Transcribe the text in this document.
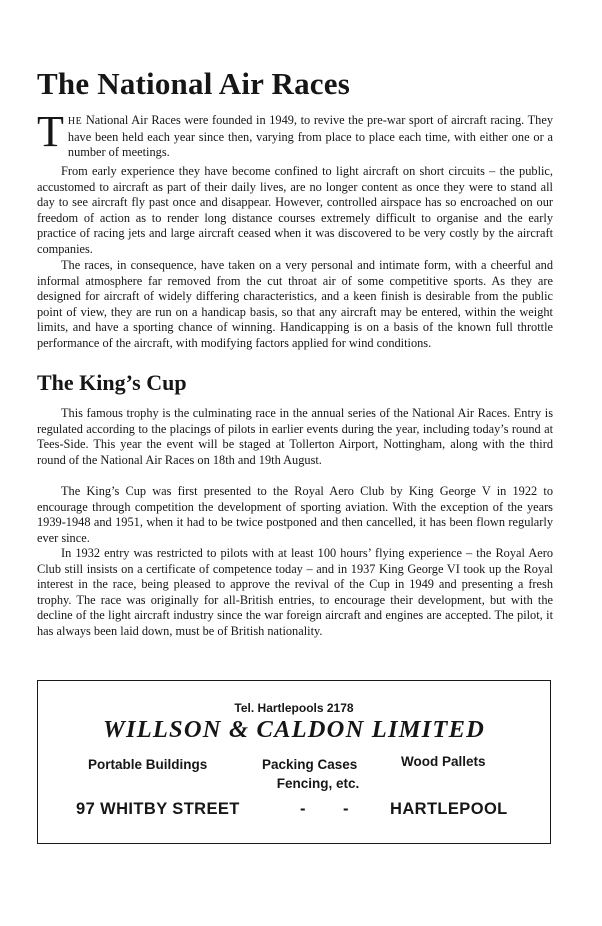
The National Air Races
T HE National Air Races were founded in 1949, to revive the pre-war sport of aircraft racing. They have been held each year since then, varying from place to place each time, with either one or a number of meetings.

From early experience they have become confined to light aircraft on short circuits – the public, accustomed to aircraft as part of their daily lives, are no longer content as once they were to stand all day to see aircraft fly past once and disappear. However, controlled airspace has so encroached on our freedom of action as to render long distance courses extremely difficult to organise and the early practice of racing jets and large aircraft ceased when it was discovered to be very costly by the aircraft companies.

The races, in consequence, have taken on a very personal and intimate form, with a cheerful and informal atmosphere far removed from the cut throat air of some competitive sports. As they are designed for aircraft of widely differing characteristics, and a keen finish is desirable from the public point of view, they are run on a handicap basis, so that any aircraft may be entered, within the weight limits, and have a sporting chance of winning. Handicapping is on a basis of the known full throttle performance of the aircraft, with modifying factors applied for wind conditions.

The King’s Cup

This famous trophy is the culminating race in the annual series of the National Air Races. Entry is regulated according to the placings of pilots in earlier events during the year, including today’s round at Tees-Side. This year the event will be staged at Tollerton Airport, Nottingham, along with the third round of the National Air Races on 18th and 19th August.

The King’s Cup was first presented to the Royal Aero Club by King George V in 1922 to encourage through competition the development of sporting aviation. With the exception of the years 1939-1948 and 1951, when it had to be twice postponed and then cancelled, it has been flown regularly ever since.

In 1932 entry was restricted to pilots with at least 100 hours’ flying experience – the Royal Aero Club still insists on a certificate of competence today – and in 1937 King George VI took up the Royal interest in the race, being pleased to approve the revival of the Cup in 1949 and presenting a fresh trophy. The race was originally for all-British entries, to encourage their development, but with the decline of the light aircraft industry since the war foreign aircraft and engines are accepted. The pilot, it has always been laid down, must be of British nationality.

Tel. Hartlepools 2178
WILLSON & CALDON LIMITED
Portable Buildings	Packing Cases
Fencing, etc.
Wood Pallets
97 WHITBY STREET	- - HARTLEPOOL
